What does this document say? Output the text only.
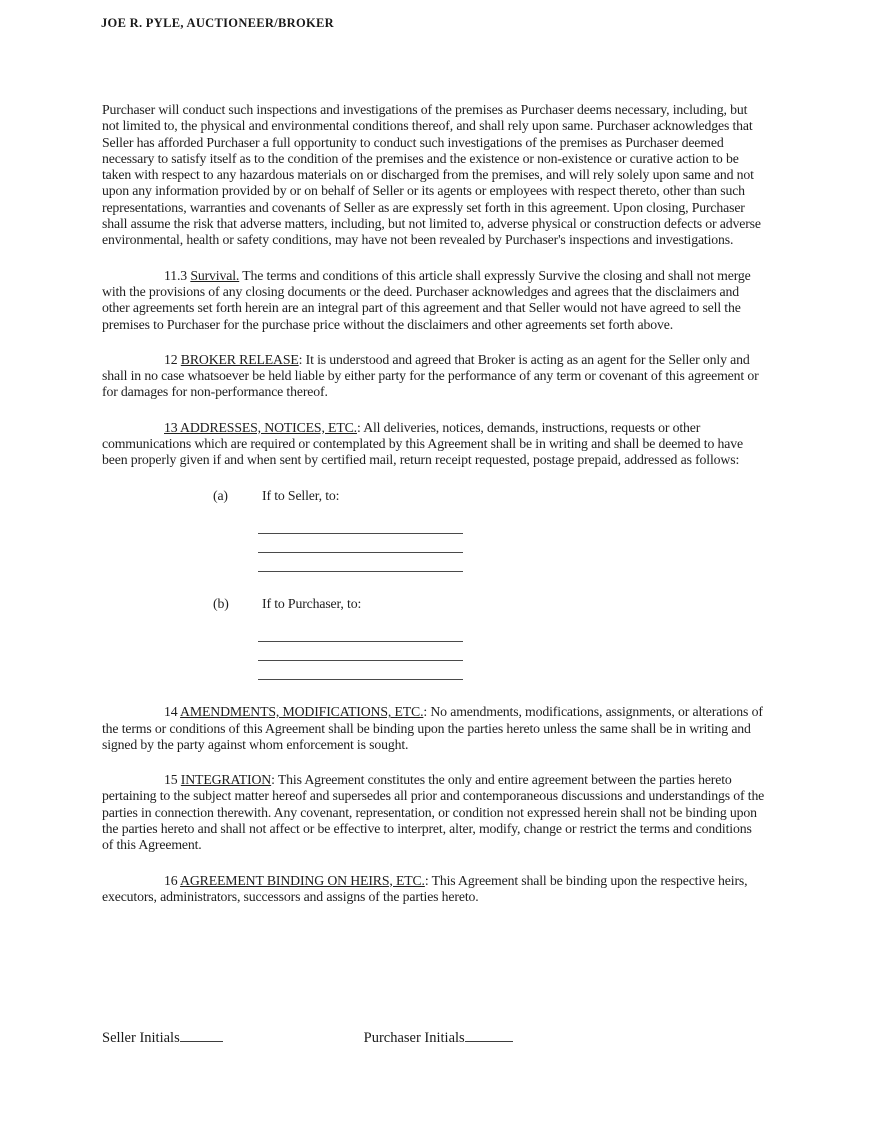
JOE R. PYLE, AUCTIONEER/BROKER

Purchaser will conduct such inspections and investigations of the premises as Purchaser deems necessary, including, but not limited to, the physical and environmental conditions thereof, and shall rely upon same. Purchaser acknowledges that Seller has afforded Purchaser a full opportunity to conduct such investigations of the premises as Purchaser deemed necessary to satisfy itself as to the condition of the premises and the existence or non-existence or curative action to be taken with respect to any hazardous materials on or discharged from the premises, and will rely solely upon same and not upon any information provided by or on behalf of Seller or its agents or employees with respect thereto, other than such representations, warranties and covenants of Seller as are expressly set forth in this agreement. Upon closing, Purchaser shall assume the risk that adverse matters, including, but not limited to, adverse physical or construction defects or adverse environmental, health or safety conditions, may have not been revealed by Purchaser's inspections and investigations.

11.3 Survival. The terms and conditions of this article shall expressly Survive the closing and shall not merge with the provisions of any closing documents or the deed. Purchaser acknowledges and agrees that the disclaimers and other agreements set forth herein are an integral part of this agreement and that Seller would not have agreed to sell the premises to Purchaser for the purchase price without the disclaimers and other agreements set forth above.

12 BROKER RELEASE: It is understood and agreed that Broker is acting as an agent for the Seller only and shall in no case whatsoever be held liable by either party for the performance of any term or covenant of this agreement or for damages for non-performance thereof.

13 ADDRESSES, NOTICES, ETC.: All deliveries, notices, demands, instructions, requests or other communications which are required or contemplated by this Agreement shall be in writing and shall be deemed to have been properly given if and when sent by certified mail, return receipt requested, postage prepaid, addressed as follows:

(a) If to Seller, to:
(b) If to Purchaser, to:

14 AMENDMENTS, MODIFICATIONS, ETC.: No amendments, modifications, assignments, or alterations of the terms or conditions of this Agreement shall be binding upon the parties hereto unless the same shall be in writing and signed by the party against whom enforcement is sought.

15 INTEGRATION: This Agreement constitutes the only and entire agreement between the parties hereto pertaining to the subject matter hereof and supersedes all prior and contemporaneous discussions and understandings of the parties in connection therewith. Any covenant, representation, or condition not expressed herein shall not be binding upon the parties hereto and shall not affect or be effective to interpret, alter, modify, change or restrict the terms and conditions of this Agreement.

16 AGREEMENT BINDING ON HEIRS, ETC.: This Agreement shall be binding upon the respective heirs, executors, administrators, successors and assigns of the parties hereto.

Seller Initials	Purchaser Initials
